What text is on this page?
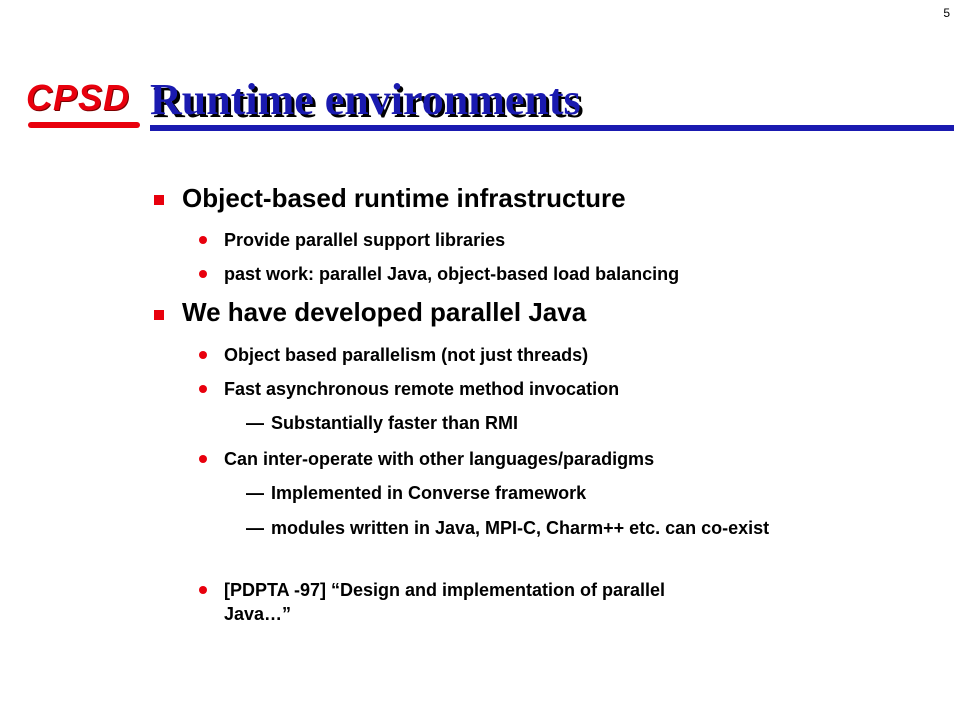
5
CPSD Runtime environments
Object-based runtime infrastructure
Provide parallel support libraries
past work: parallel Java, object-based load balancing
We have developed parallel Java
Object based parallelism (not just threads)
Fast asynchronous remote method invocation
— Substantially faster than RMI
Can inter-operate with other languages/paradigms
— Implemented in Converse framework
— modules written in Java, MPI-C, Charm++ etc. can co-exist
[PDPTA -97] “Design and implementation of parallel
Java…”
